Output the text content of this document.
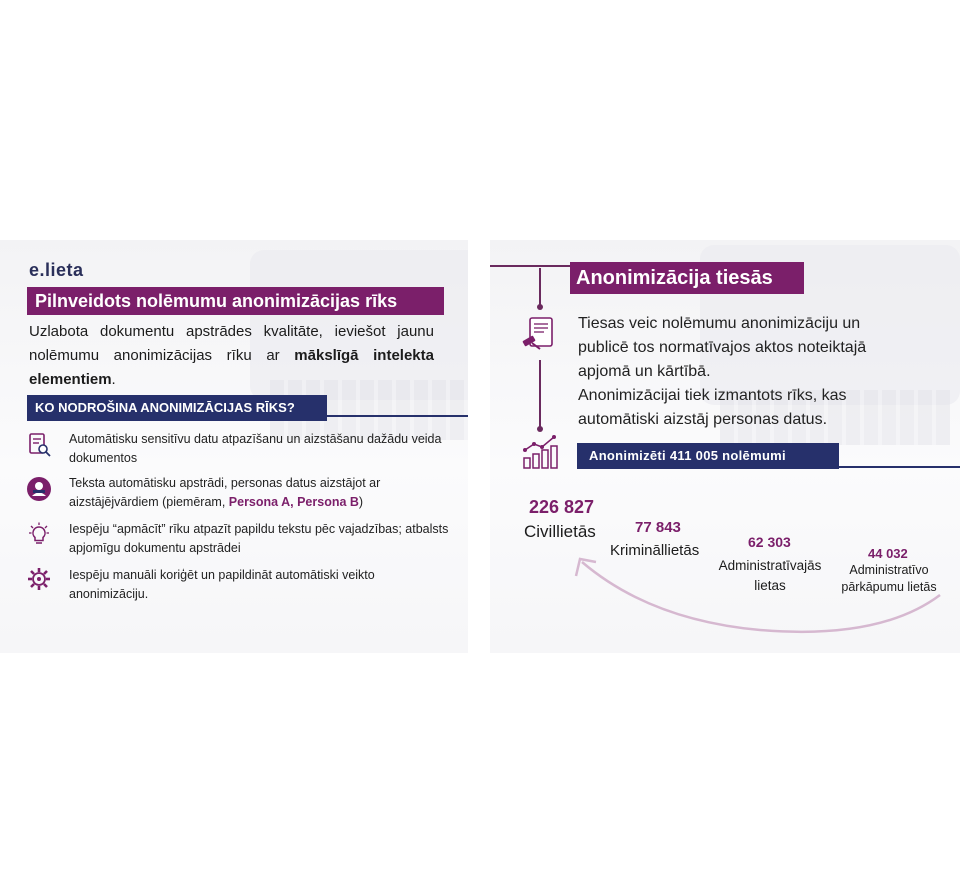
e.lieta
Pilnveidots nolēmumu anonimizācijas rīks
Uzlabota dokumentu apstrādes kvalitāte, ieviešot jaunu nolēmumu anonimizācijas rīku ar mākslīgā intelekta elementiem.
KO NODROŠINA ANONIMIZĀCIJAS RĪKS?
Automātisku sensitīvu datu atpazīšanu un aizstāšanu dažādu veida dokumentos
Teksta automātisku apstrādi, personas datus aizstājot ar aizstājējvārdiem (piemēram, Persona A, Persona B)
Iespēju “apmācīt” rīku atpazīt papildu tekstu pēc vajadzības; atbalsts apjomīgu dokumentu apstrādei
Iespēju manuāli koriģēt un papildināt automātiski veikto anonimizāciju.
Anonimizācija tiesās
Tiesas veic nolēmumu anonimizāciju un publicē tos normatīvajos aktos noteiktajā apjomā un kārtībā.
Anonimizācijai tiek izmantots rīks, kas automātiski aizstāj personas datus.
Anonimizēti 411 005 nolēmumi
226 827
Civillietās	77 843
Krimināllietās	62 303
Administratīvajās
lietas
44 032
Administratīvo
pārkāpumu lietās
